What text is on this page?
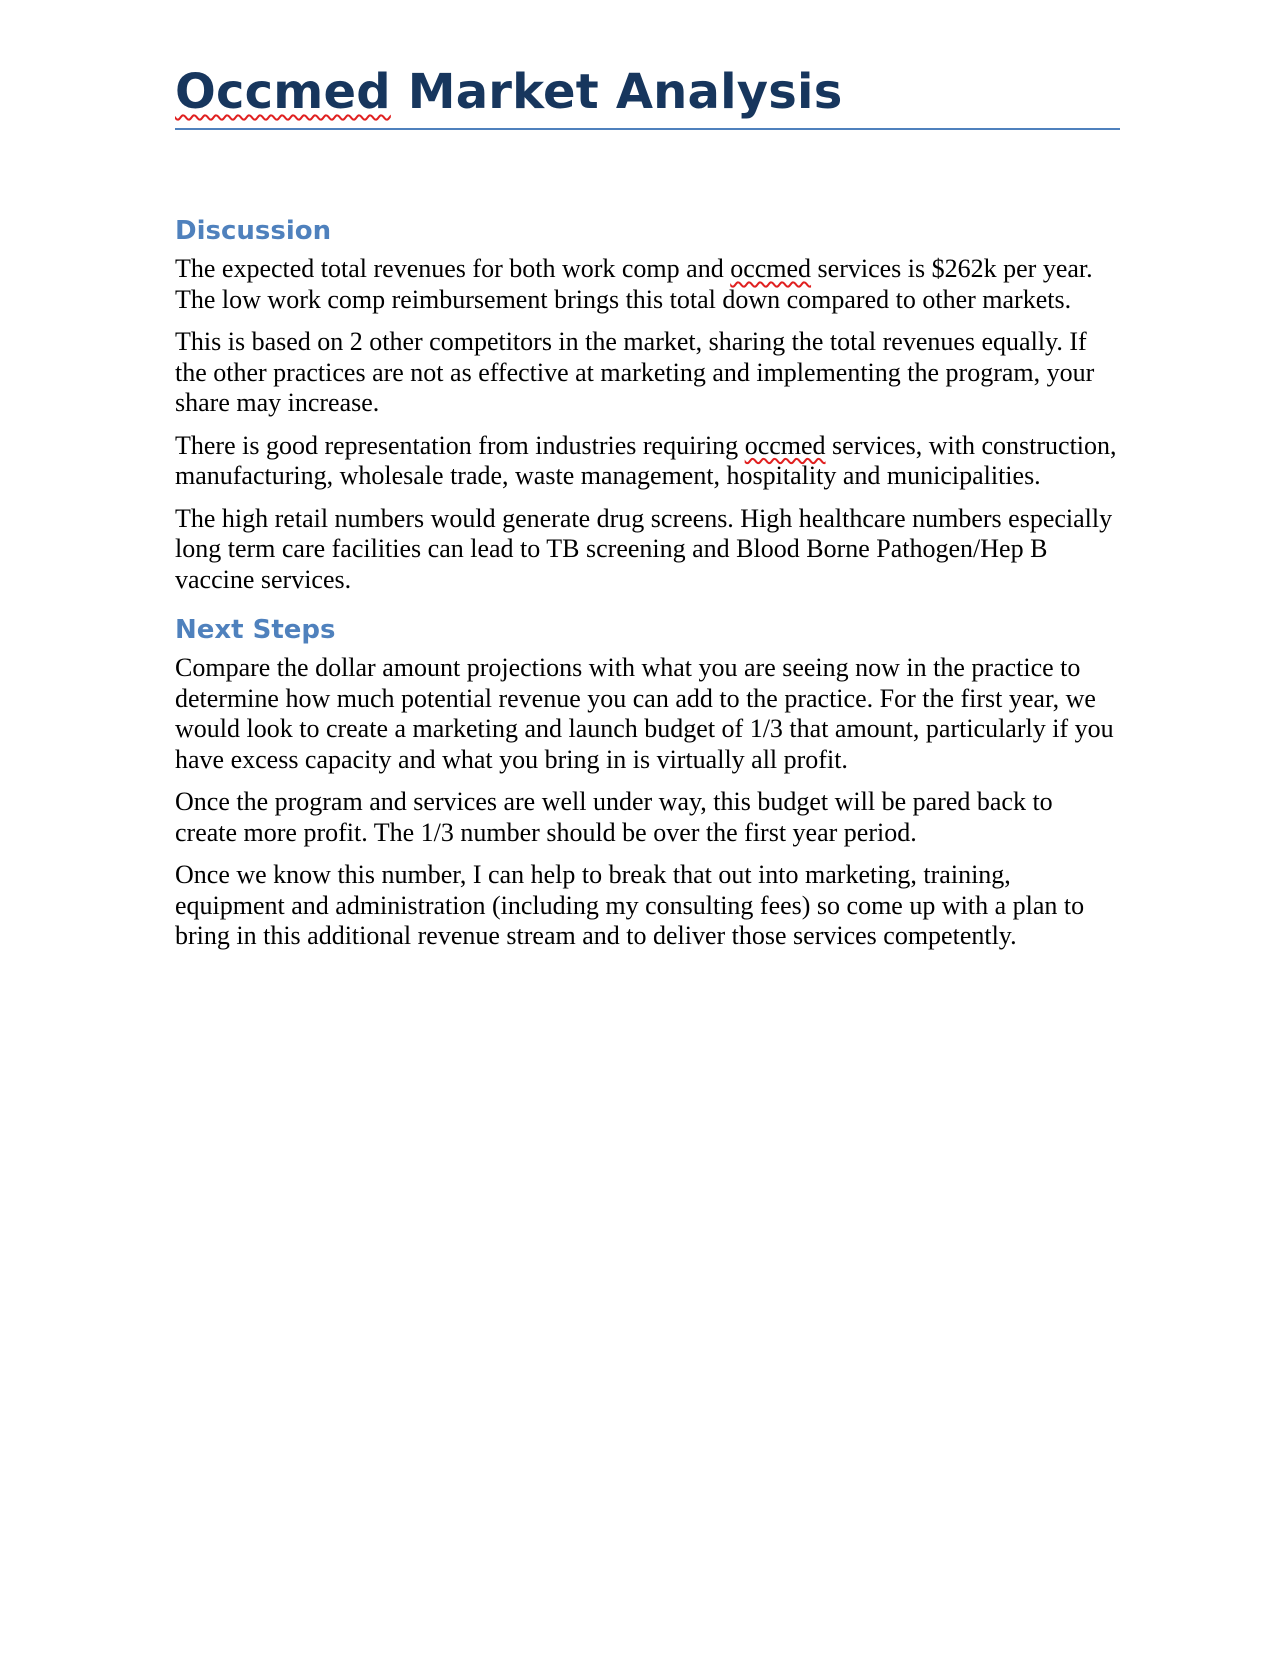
Occmed Market Analysis
Discussion

The expected total revenues for both work comp and occmed services is $262k per year. The low work comp reimbursement brings this total down compared to other markets.

This is based on 2 other competitors in the market, sharing the total revenues equally. If the other practices are not as effective at marketing and implementing the program, your share may increase.

There is good representation from industries requiring occmed services, with construction, manufacturing, wholesale trade, waste management, hospitality and municipalities.

The high retail numbers would generate drug screens. High healthcare numbers especially long term care facilities can lead to TB screening and Blood Borne Pathogen/Hep B vaccine services.

Next Steps

Compare the dollar amount projections with what you are seeing now in the practice to determine how much potential revenue you can add to the practice. For the first year, we would look to create a marketing and launch budget of 1/3 that amount, particularly if you have excess capacity and what you bring in is virtually all profit.

Once the program and services are well under way, this budget will be pared back to create more profit. The 1/3 number should be over the first year period.

Once we know this number, I can help to break that out into marketing, training, equipment and administration (including my consulting fees) so come up with a plan to bring in this additional revenue stream and to deliver those services competently.
